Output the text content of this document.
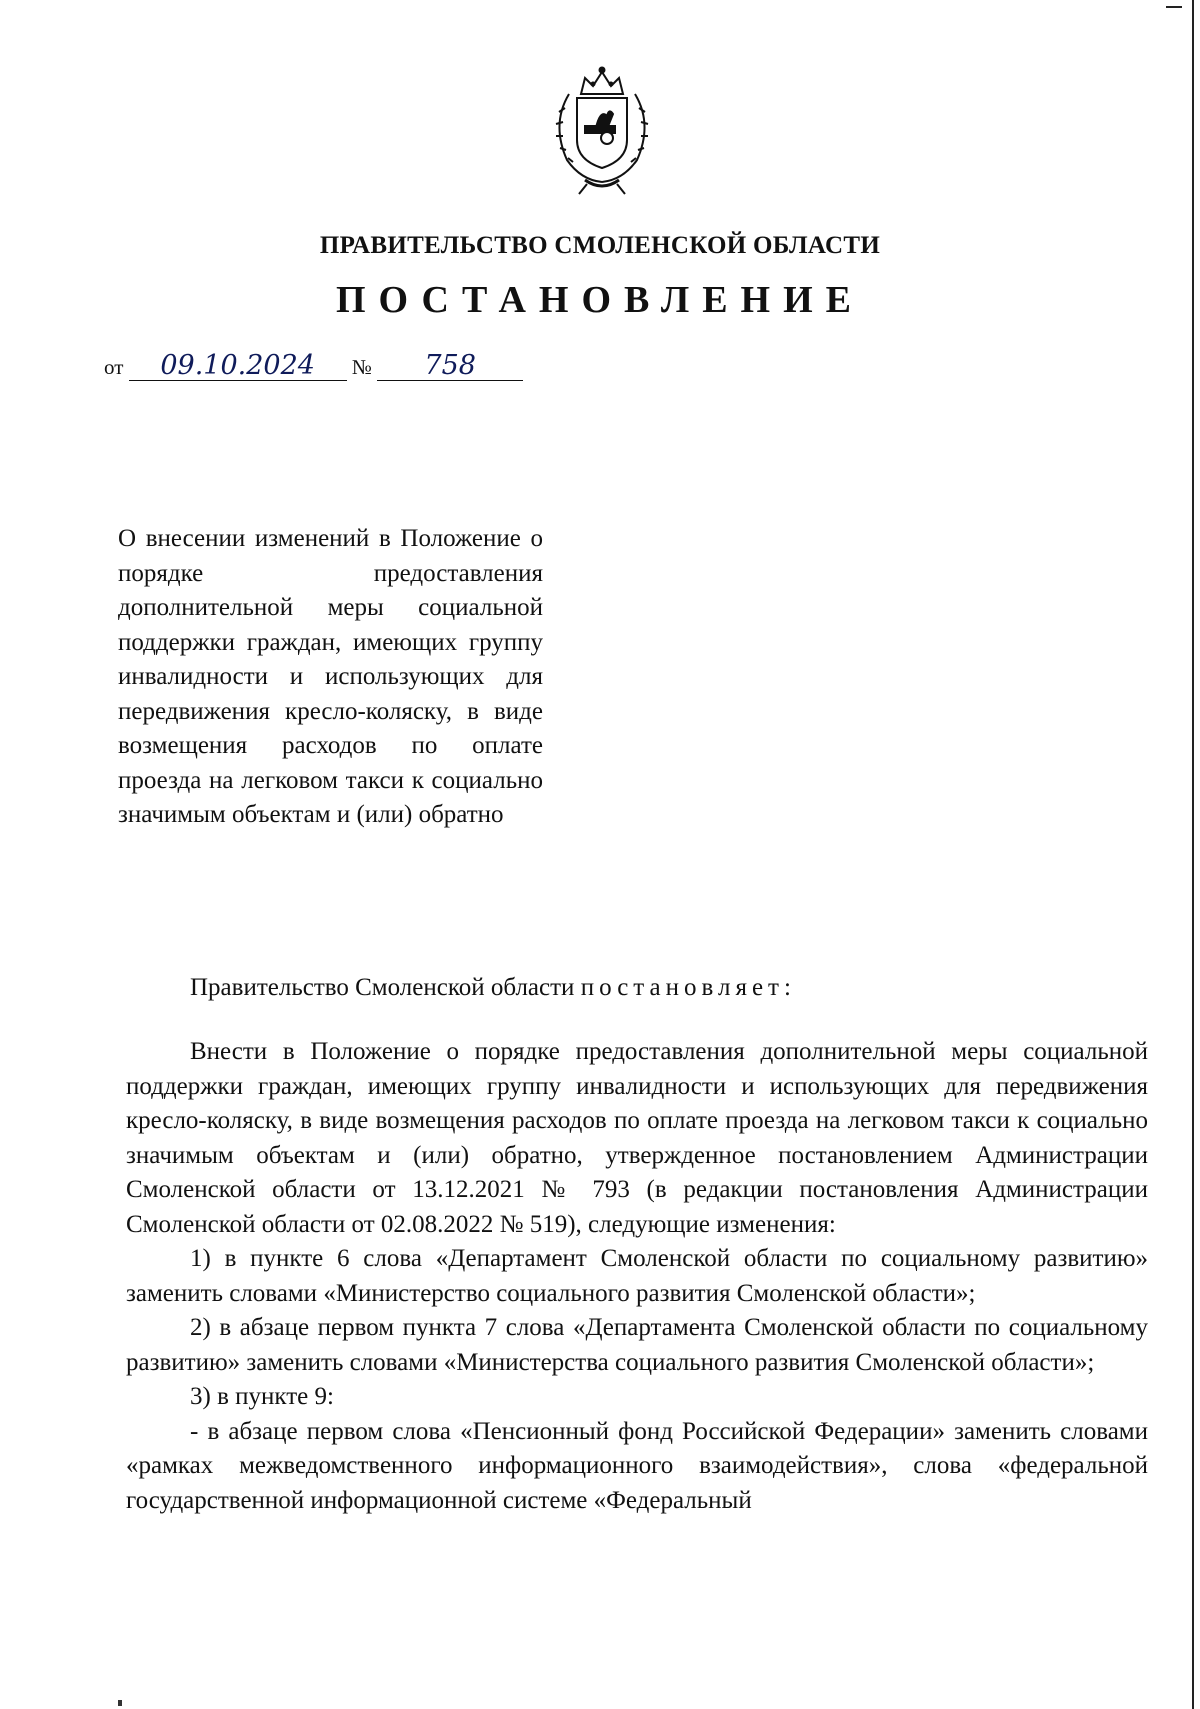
ПРАВИТЕЛЬСТВО СМОЛЕНСКОЙ ОБЛАСТИ
ПОСТАНОВЛЕНИЕ
от 09.10.2024 № 758
О внесении изменений в Положение о порядке предоставления дополнительной меры социальной поддержки граждан, имеющих группу инвалидности и использующих для передвижения кресло-коляску, в виде возмещения расходов по оплате проезда на легковом такси к социально значимым объектам и (или) обратно
Правительство Смоленской области постановляет:

Внести в Положение о порядке предоставления дополнительной меры социальной поддержки граждан, имеющих группу инвалидности и использующих для передвижения кресло-коляску, в виде возмещения расходов по оплате проезда на легковом такси к социально значимым объектам и (или) обратно, утвержденное постановлением Администрации Смоленской области от 13.12.2021 № 793 (в редакции постановления Администрации Смоленской области от 02.08.2022 № 519), следующие изменения:

1) в пункте 6 слова «Департамент Смоленской области по социальному развитию» заменить словами «Министерство социального развития Смоленской области»;

2) в абзаце первом пункта 7 слова «Департамента Смоленской области по социальному развитию» заменить словами «Министерства социального развития Смоленской области»;

3) в пункте 9:

- в абзаце первом слова «Пенсионный фонд Российской Федерации» заменить словами «рамках межведомственного информационного взаимодействия», слова «федеральной государственной информационной системе «Федеральный
